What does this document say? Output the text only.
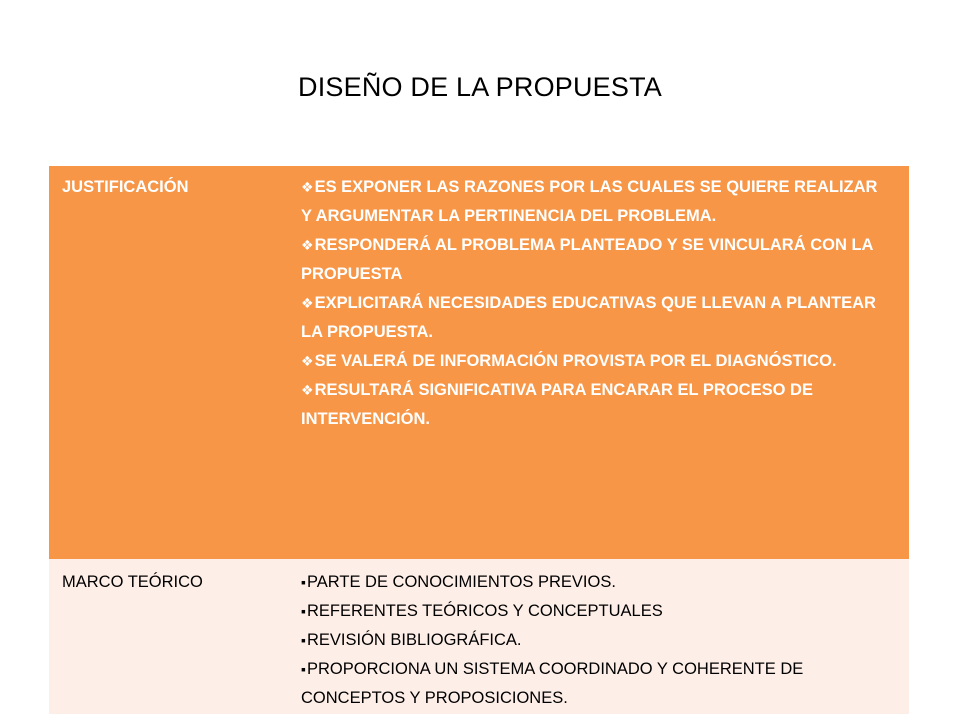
DISEÑO DE LA PROPUESTA
JUSTIFICACIÓN	❖ES EXPONER LAS RAZONES POR LAS CUALES SE QUIERE REALIZAR Y ARGUMENTAR LA PERTINENCIA DEL PROBLEMA.
❖RESPONDERÁ AL PROBLEMA PLANTEADO Y SE VINCULARÁ CON LA PROPUESTA
❖EXPLICITARÁ NECESIDADES EDUCATIVAS QUE LLEVAN A PLANTEAR LA PROPUESTA.
❖SE VALERÁ DE INFORMACIÓN PROVISTA POR EL DIAGNÓSTICO.
❖RESULTARÁ SIGNIFICATIVA PARA ENCARAR EL PROCESO DE INTERVENCIÓN.

MARCO TEÓRICO	▪PARTE DE CONOCIMIENTOS PREVIOS.
▪REFERENTES TEÓRICOS Y CONCEPTUALES
▪REVISIÓN BIBLIOGRÁFICA.
▪PROPORCIONA UN SISTEMA COORDINADO Y COHERENTE DE CONCEPTOS Y PROPOSICIONES.
